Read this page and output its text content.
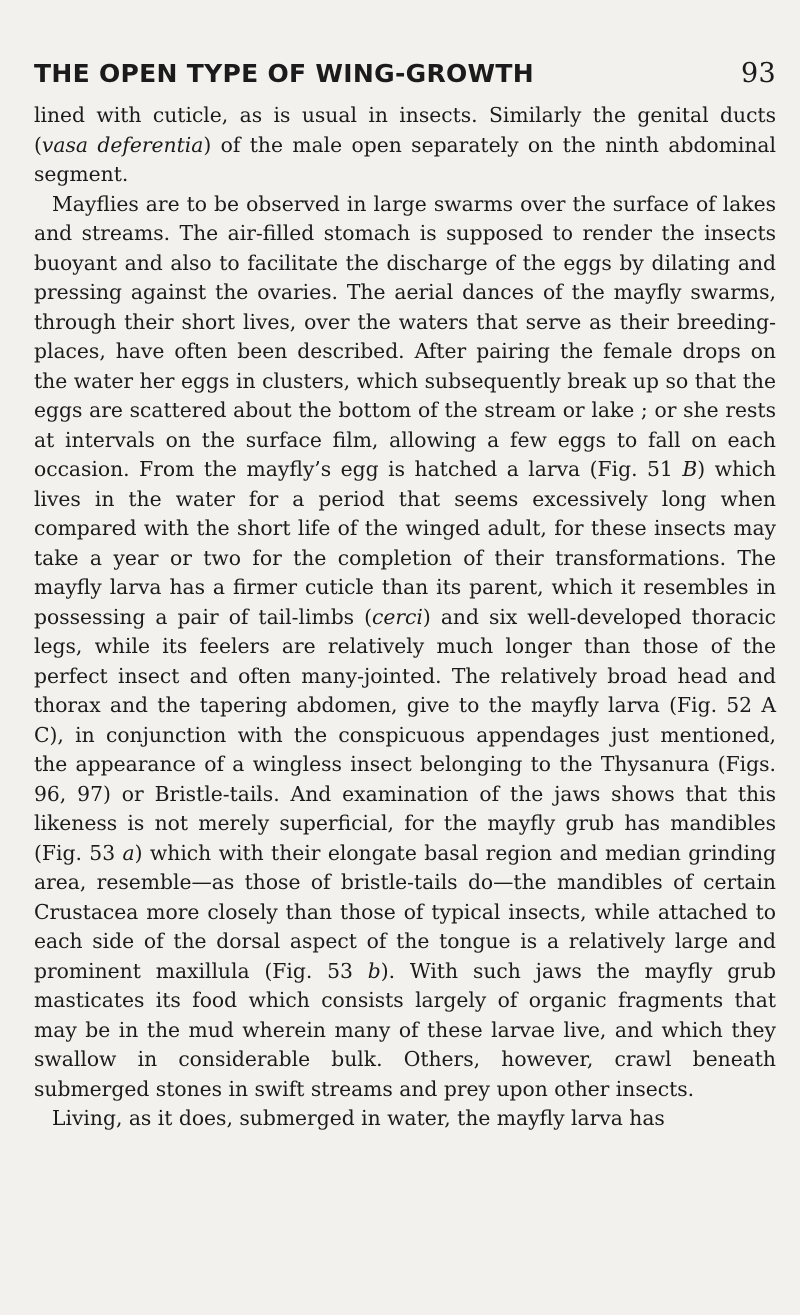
THE OPEN TYPE OF WING-GROWTH	93

lined with cuticle, as is usual in insects. Similarly the genital ducts (vasa deferentia) of the male open separately on the ninth abdominal segment.

Mayflies are to be observed in large swarms over the surface of lakes and streams. The air-filled stomach is supposed to render the insects buoyant and also to facilitate the discharge of the eggs by dilating and pressing against the ovaries. The aerial dances of the mayfly swarms, through their short lives, over the waters that serve as their breeding-places, have often been described. After pairing the female drops on the water her eggs in clusters, which subsequently break up so that the eggs are scattered about the bottom of the stream or lake ; or she rests at intervals on the surface film, allowing a few eggs to fall on each occasion. From the mayfly’s egg is hatched a larva (Fig. 51 B) which lives in the water for a period that seems excessively long when compared with the short life of the winged adult, for these insects may take a year or two for the completion of their transformations. The mayfly larva has a firmer cuticle than its parent, which it resembles in possessing a pair of tail-limbs (cerci) and six well-developed thoracic legs, while its feelers are relatively much longer than those of the perfect insect and often many-jointed. The relatively broad head and thorax and the tapering abdomen, give to the mayfly larva (Fig. 52 A C), in conjunction with the conspicuous appendages just mentioned, the appearance of a wingless insect belonging to the Thysanura (Figs. 96, 97) or Bristle-tails. And examination of the jaws shows that this likeness is not merely superficial, for the mayfly grub has mandibles (Fig. 53 a) which with their elongate basal region and median grinding area, resemble—as those of bristle-tails do—the mandibles of certain Crustacea more closely than those of typical insects, while attached to each side of the dorsal aspect of the tongue is a relatively large and prominent maxillula (Fig. 53 b). With such jaws the mayfly grub masticates its food which consists largely of organic fragments that may be in the mud wherein many of these larvae live, and which they swallow in considerable bulk. Others, however, crawl beneath submerged stones in swift streams and prey upon other insects.

Living, as it does, submerged in water, the mayfly larva has
